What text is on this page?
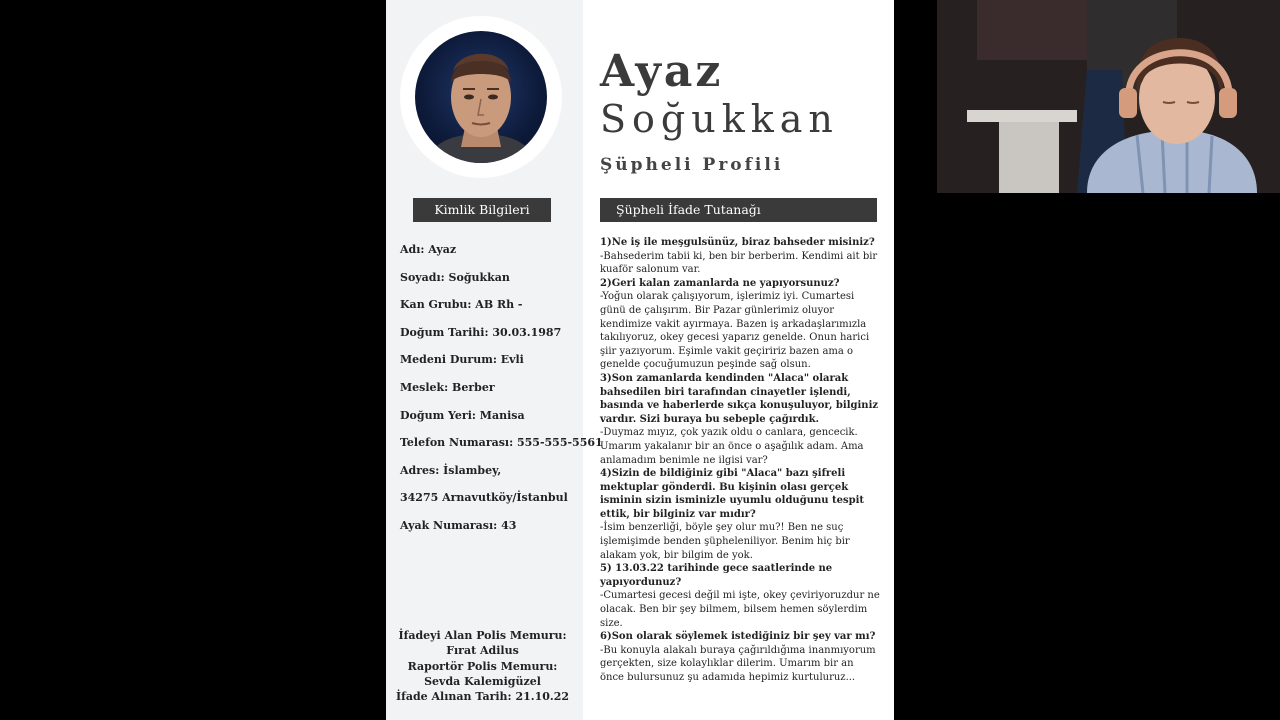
Kimlik Bilgileri
Adı: Ayaz
Soyadı: Soğukkan
Kan Grubu: AB Rh -
Doğum Tarihi: 30.03.1987
Medeni Durum: Evli
Meslek: Berber
Doğum Yeri: Manisa
Telefon Numarası: 555-555-5561
Adres: İslambey,
34275 Arnavutköy/İstanbul
Ayak Numarası: 43
İfadeyi Alan Polis Memuru:
Fırat Adilus
Raportör Polis Memuru:
Sevda Kalemigüzel
İfade Alınan Tarih: 21.10.22
Ayaz
Soğukkan
Şüpheli Profili
Şüpheli İfade Tutanağı
1)Ne iş ile meşgulsünüz, biraz bahseder misiniz?
-Bahsederim tabii ki, ben bir berberim. Kendimi ait bir kuaför salonum var.
2)Geri kalan zamanlarda ne yapıyorsunuz?
-Yoğun olarak çalışıyorum, işlerimiz iyi. Cumartesi günü de çalışırım. Bir Pazar günlerimiz oluyor kendimize vakit ayırmaya. Bazen iş arkadaşlarımızla takılıyoruz, okey gecesi yaparız genelde. Onun harici şiir yazıyorum. Eşimle vakit geçiririz bazen ama o genelde çocuğumuzun peşinde sağ olsun.
3)Son zamanlarda kendinden "Alaca" olarak bahsedilen biri tarafından cinayetler işlendi, basında ve haberlerde sıkça konuşuluyor, bilginiz vardır. Sizi buraya bu sebeple çağırdık.
-Duymaz mıyız, çok yazık oldu o canlara, gencecik. Umarım yakalanır bir an önce o aşağılık adam. Ama anlamadım benimle ne ilgisi var?
4)Sizin de bildiğiniz gibi "Alaca" bazı şifreli mektuplar gönderdi. Bu kişinin olası gerçek isminin sizin isminizle uyumlu olduğunu tespit ettik, bir bilginiz var mıdır?
-İsim benzerliği, böyle şey olur mu?! Ben ne suç işlemişimde benden şüpheleniliyor. Benim hiç bir alakam yok, bir bilgim de yok.
5) 13.03.22 tarihinde gece saatlerinde ne yapıyordunuz?
-Cumartesi gecesi değil mi işte, okey çeviriyoruzdur ne olacak. Ben bir şey bilmem, bilsem hemen söylerdim size.
6)Son olarak söylemek istediğiniz bir şey var mı?
-Bu konuyla alakalı buraya çağırıldığıma inanmıyorum gerçekten, size kolaylıklar dilerim. Umarım bir an önce bulursunuz şu adamıda hepimiz kurtuluruz...
